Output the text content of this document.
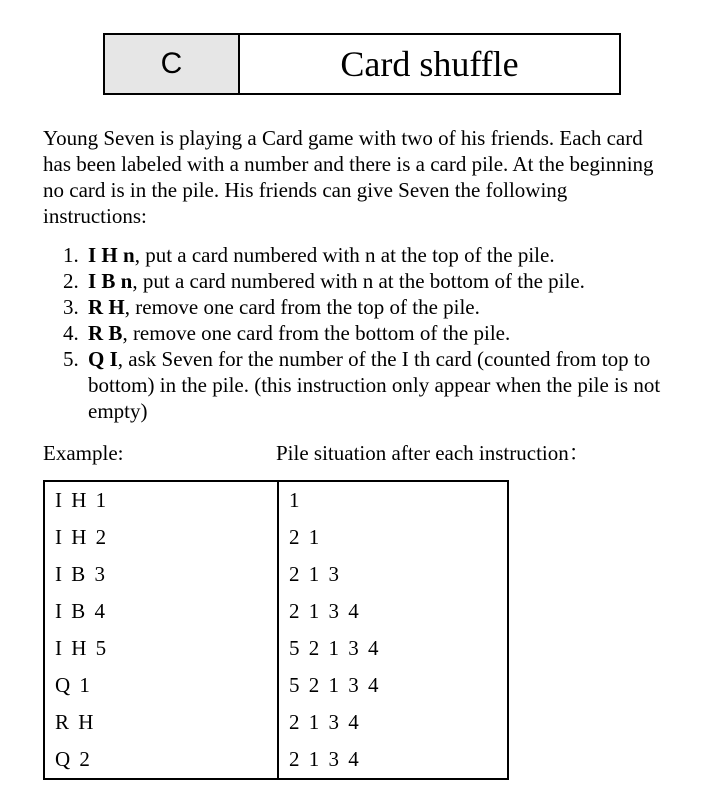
C	Card shuffle

Young Seven is playing a Card game with two of his friends. Each card has been labeled with a number and there is a card pile. At the beginning no card is in the pile. His friends can give Seven the following instructions:

1. I H n, put a card numbered with n at the top of the pile.
2. I B n, put a card numbered with n at the bottom of the pile.
3. R H, remove one card from the top of the pile.
4. R B, remove one card from the bottom of the pile.
5. Q I, ask Seven for the number of the I th card (counted from top to bottom) in the pile. (this instruction only appear when the pile is not empty)
Example:	Pile situation after each instruction：
I H 1	1
I H 2	2 1
I B 3	2 1 3
I B 4	2 1 3 4
I H 5	5 2 1 3 4
Q 1	5 2 1 3 4
R H	2 1 3 4
Q 2	2 1 3 4
